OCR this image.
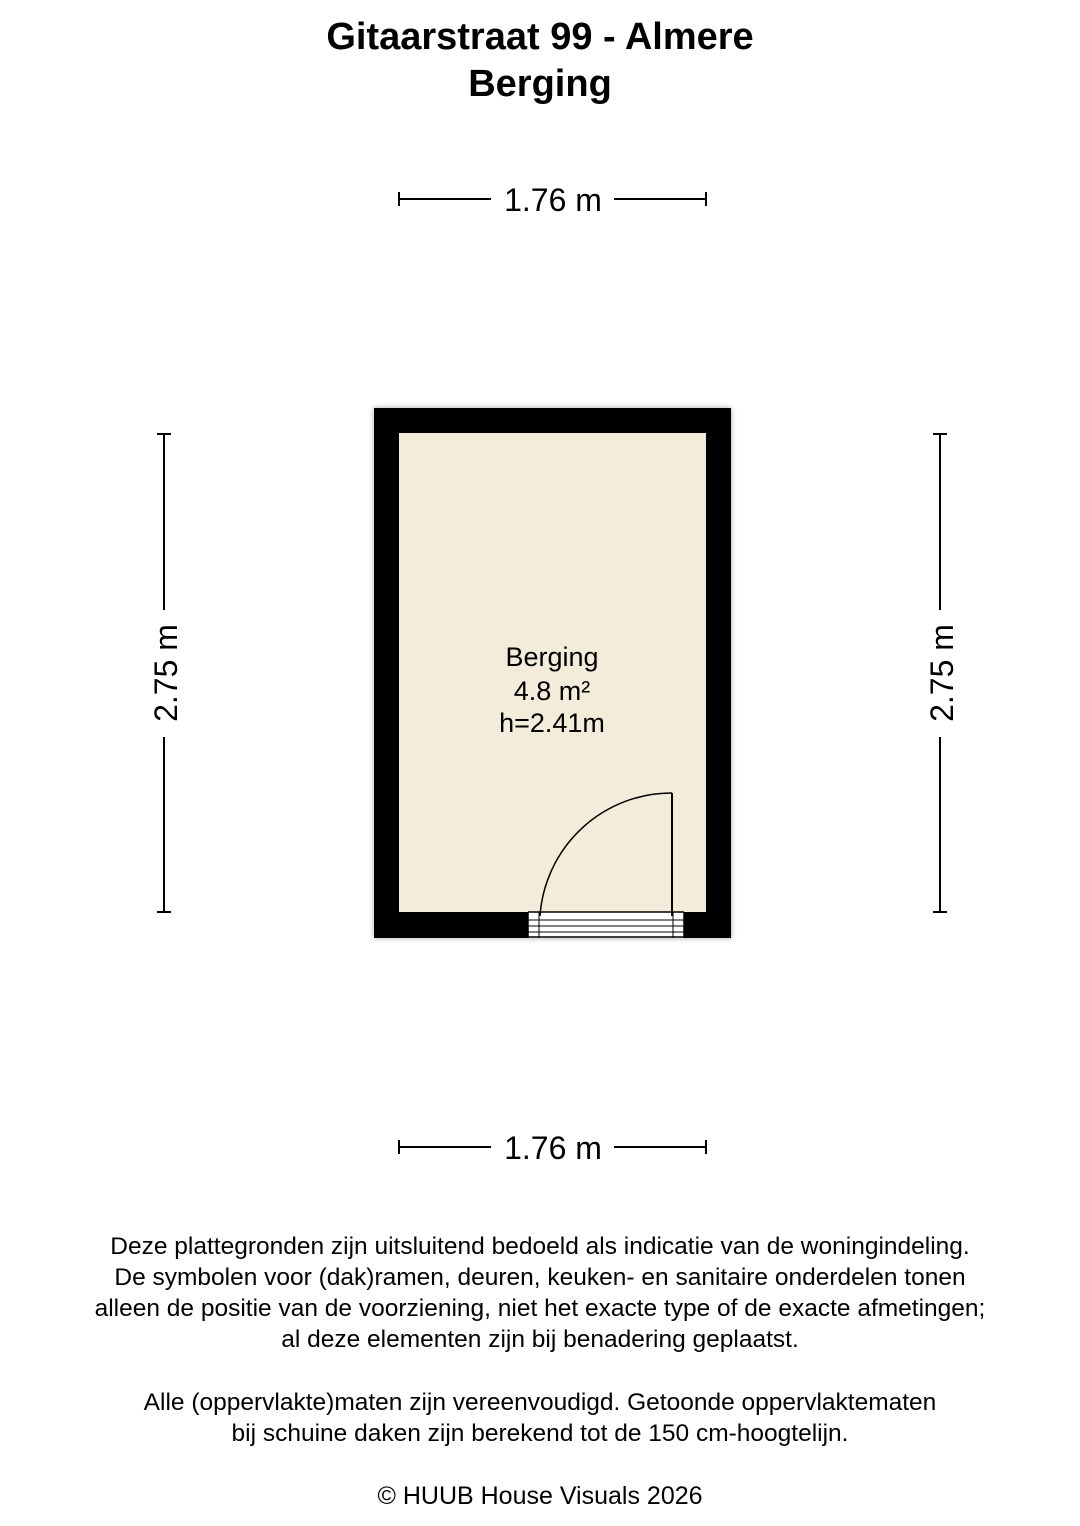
Gitaarstraat 99 - Almere
Berging
1.76 m
1.76 m
2.75 m	2.75 m
Berging
4.8 m²
h=2.41m
Deze plattegronden zijn uitsluitend bedoeld als indicatie van de woningindeling.
De symbolen voor (dak)ramen, deuren, keuken- en sanitaire onderdelen tonen
alleen de positie van de voorziening, niet het exacte type of de exacte afmetingen;
al deze elementen zijn bij benadering geplaatst.
Alle (oppervlakte)maten zijn vereenvoudigd. Getoonde oppervlaktematen
bij schuine daken zijn berekend tot de 150 cm-hoogtelijn.
© HUUB House Visuals 2026
